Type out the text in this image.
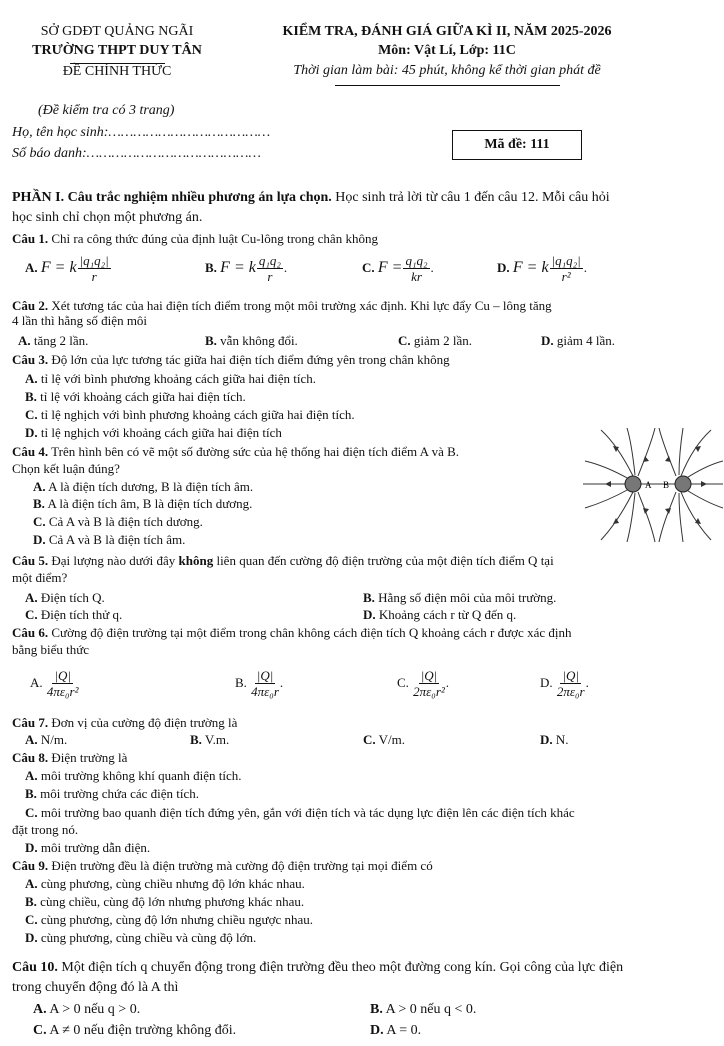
SỞ GDĐT QUẢNG NGÃI
TRƯỜNG THPT DUY TÂN
ĐỀ CHÍNH THỨC
KIỂM TRA, ĐÁNH GIÁ GIỮA KÌ II, NĂM 2025-2026
Môn: Vật Lí, Lớp: 11C
Thời gian làm bài: 45 phút, không kể thời gian phát đề
(Đề kiểm tra có 3 trang)
Họ, tên học sinh:…………………………………
Số báo danh:……………………………………
Mã đề: 111
PHẦN I. Câu trắc nghiệm nhiều phương án lựa chọn. Học sinh trả lời từ câu 1 đến câu 12. Mỗi câu hỏi
học sinh chỉ chọn một phương án.
Câu 1. Chỉ ra công thức đúng của định luật Cu-lông trong chân không
A.
F = k $\frac{\text{|q₁q₂|}}{r}$	B.
F = k $\frac{\text{q₁q₂}}{r}$ .	C.
$F = \frac{\text{q₁q₂}}{kr}$ .	D.
F = k $\frac{\text{|q₁q₂|}}{\text{r²}}$ .
Câu 2. Xét tương tác của hai điện tích điểm trong một môi trường xác định. Khi lực đẩy Cu – lông tăng
4 lần thì hằng số điện môi
A. tăng 2 lần.	B. vẫn không đổi.	C. giảm 2 lần.	D. giảm 4 lần.
Câu 3. Độ lớn của lực tương tác giữa hai điện tích điểm đứng yên trong chân không
A. tỉ lệ với bình phương khoảng cách giữa hai điện tích.
B. tỉ lệ với khoảng cách giữa hai điện tích.
C. tỉ lệ nghịch với bình phương khoảng cách giữa hai điện tích.
D. tỉ lệ nghịch với khoảng cách giữa hai điện tích
Câu 4. Trên hình bên có vẽ một số đường sức của hệ thống hai điện tích điểm A và B.
Chọn kết luận đúng?
A. A là điện tích dương, B là điện tích âm.
B. A là điện tích âm, B là điện tích dương.
C. Cả A và B là điện tích dương.
D. Cả A và B là điện tích âm.
A B
Câu 5. Đại lượng nào dưới đây không liên quan đến cường độ điện trường của một điện tích điểm Q tại
một điểm?
A. Điện tích Q.	B. Hằng số điện môi của môi trường.
C. Điện tích thử q.	D. Khoảng cách r từ Q đến q.
Câu 6. Cường độ điện trường tại một điểm trong chân không cách điện tích Q khoảng cách r được xác định
bằng biểu thức
A.
$\frac{|Q|}{\text{4πε₀r²}}$	B.
$\frac{|Q|}{\text{4πε₀r}}$ .	C.
$\frac{|Q|}{\text{2πε₀r²}}$ .	D.
$\frac{|Q|}{\text{2πε₀r}}$ .
Câu 7. Đơn vị của cường độ điện trường là
A. N/m.	B. V.m.	C. V/m.	D. N.
Câu 8. Điện trường là
A. môi trường không khí quanh điện tích.
B. môi trường chứa các điện tích.
C. môi trường bao quanh điện tích đứng yên, gắn với điện tích và tác dụng lực điện lên các điện tích khác
đặt trong nó.
D. môi trường dẫn điện.
Câu 9. Điện trường đều là điện trường mà cường độ điện trường tại mọi điểm có
A. cùng phương, cùng chiều nhưng độ lớn khác nhau.
B. cùng chiều, cùng độ lớn nhưng phương khác nhau.
C. cùng phương, cùng độ lớn nhưng chiều ngược nhau.
D. cùng phương, cùng chiều và cùng độ lớn.
Câu 10. Một điện tích q chuyển động trong điện trường đều theo một đường cong kín. Gọi công của lực điện
trong chuyển động đó là A thì
A. A > 0 nếu q > 0.	B. A > 0 nếu q < 0.
C. A ≠ 0 nếu điện trường không đổi.	D. A = 0.
